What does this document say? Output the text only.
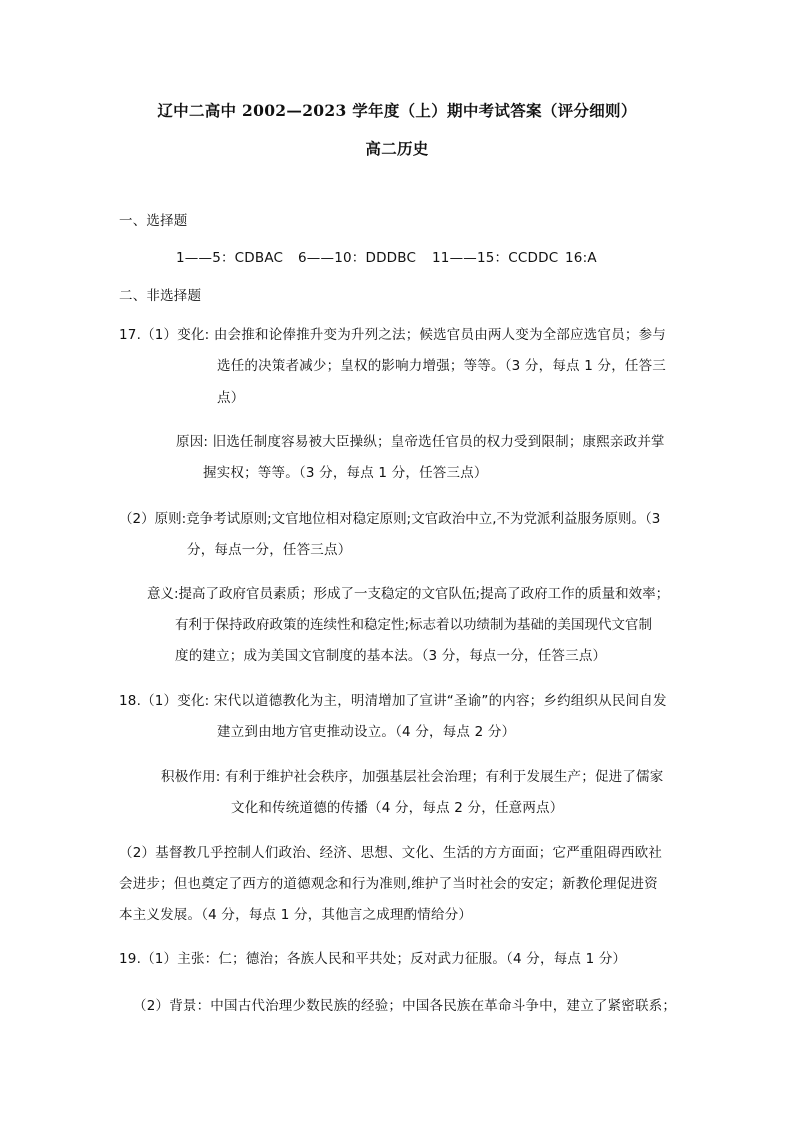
辽中二高中 2002—2023 学年度（上）期中考试答案（评分细则）
高二历史
一、选择题
1——5：CDBAC 6——10：DDDBC 11——15：CCDDC 16:A
二、非选择题
17.（1）变化: 由会推和论俸推升变为升列之法；候选官员由两人变为全部应选官员；参与
选任的决策者减少；皇权的影响力增强；等等。（3 分，每点 1 分，任答三
点）
原因: 旧选任制度容易被大臣操纵；皇帝选任官员的权力受到限制；康熙亲政并掌
握实权；等等。（3 分，每点 1 分，任答三点）
（2）原则:竞争考试原则;文官地位相对稳定原则;文官政治中立,不为党派利益服务原则。（3
分，每点一分，任答三点）
意义:提高了政府官员素质；形成了一支稳定的文官队伍;提高了政府工作的质量和效率；
有利于保持政府政策的连续性和稳定性;标志着以功绩制为基础的美国现代文官制
度的建立；成为美国文官制度的基本法。（3 分，每点一分，任答三点）
18.（1）变化: 宋代以道德教化为主，明清增加了宣讲“圣谕”的内容；乡约组织从民间自发
建立到由地方官吏推动设立。（4 分，每点 2 分）
积极作用: 有利于维护社会秩序，加强基层社会治理；有利于发展生产；促进了儒家
文化和传统道德的传播（4 分，每点 2 分，任意两点）
（2）基督教几乎控制人们政治、经济、思想、文化、生活的方方面面；它严重阻碍西欧社
会进步；但也奠定了西方的道德观念和行为准则,维护了当时社会的安定；新教伦理促进资
本主义发展。（4 分，每点 1 分，其他言之成理酌情给分）
19.（1）主张：仁；德治；各族人民和平共处；反对武力征服。（4 分，每点 1 分）
（2）背景：中国古代治理少数民族的经验；中国各民族在革命斗争中，建立了紧密联系；
